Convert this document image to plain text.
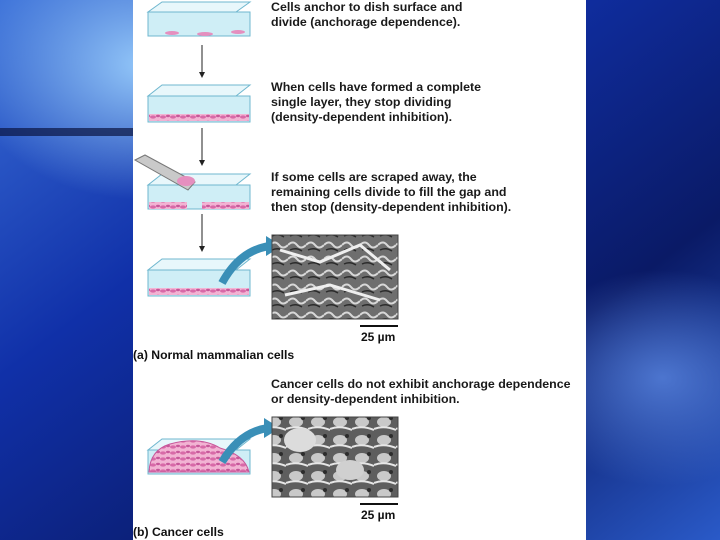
Cells anchor to dish surface and
divide (anchorage dependence).
When cells have formed a complete
single layer, they stop dividing
(density-dependent inhibition).
If some cells are scraped away, the
remaining cells divide to fill the gap and
then stop (density-dependent inhibition).
25 µm
(a) Normal mammalian cells
Cancer cells do not exhibit anchorage dependence
or density-dependent inhibition.
25 µm
(b) Cancer cells
